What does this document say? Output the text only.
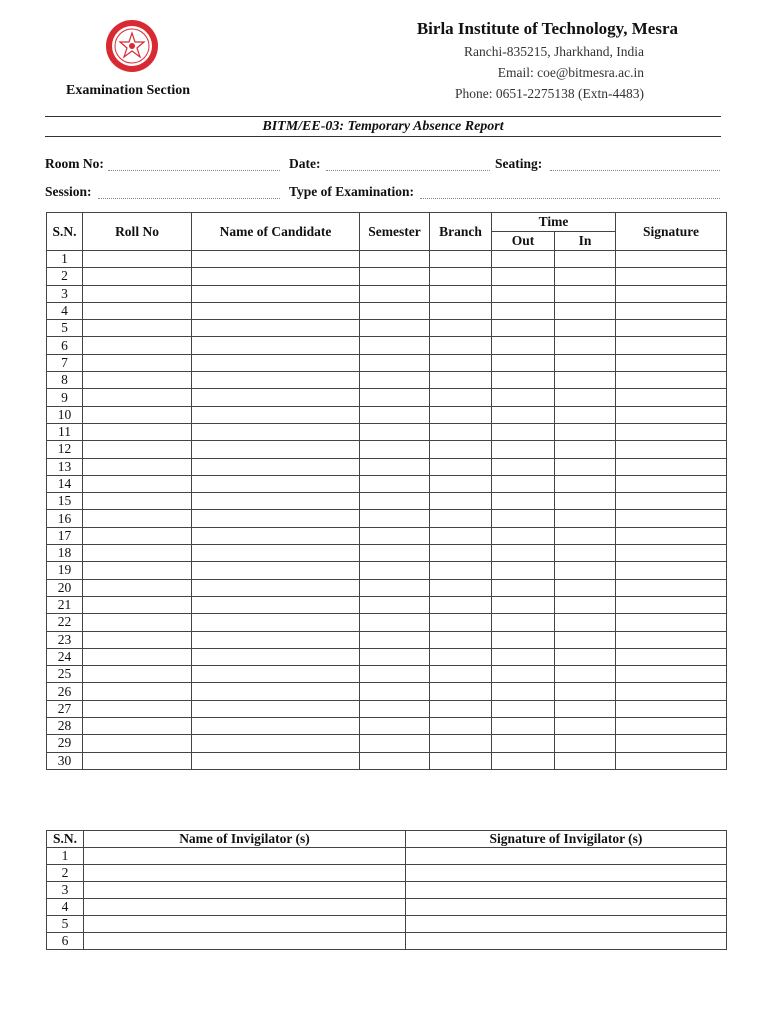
Birla Institute of Technology, Mesra
Ranchi-835215, Jharkhand, India
Email: coe@bitmesra.ac.in
Phone: 0651-2275138 (Extn-4483)
Examination Section
BITM/EE-03: Temporary Absence Report
Room No:	Date:	Seating:
Session:	Type of Examination:
S.N.	Roll No	Name of Candidate	Semester	Branch	Time		Signature
					Out	In	
1							
2							
3							
4							
5							
6							
7							
8							
9							
10							
11							
12							
13							
14							
15							
16							
17							
18							
19							
20							
21							
22							
23							
24							
25							
26							
27							
28							
29							
30							
S.N.	Name of Invigilator (s)	Signature of Invigilator (s)
1		
2		
3		
4		
5		
6		
